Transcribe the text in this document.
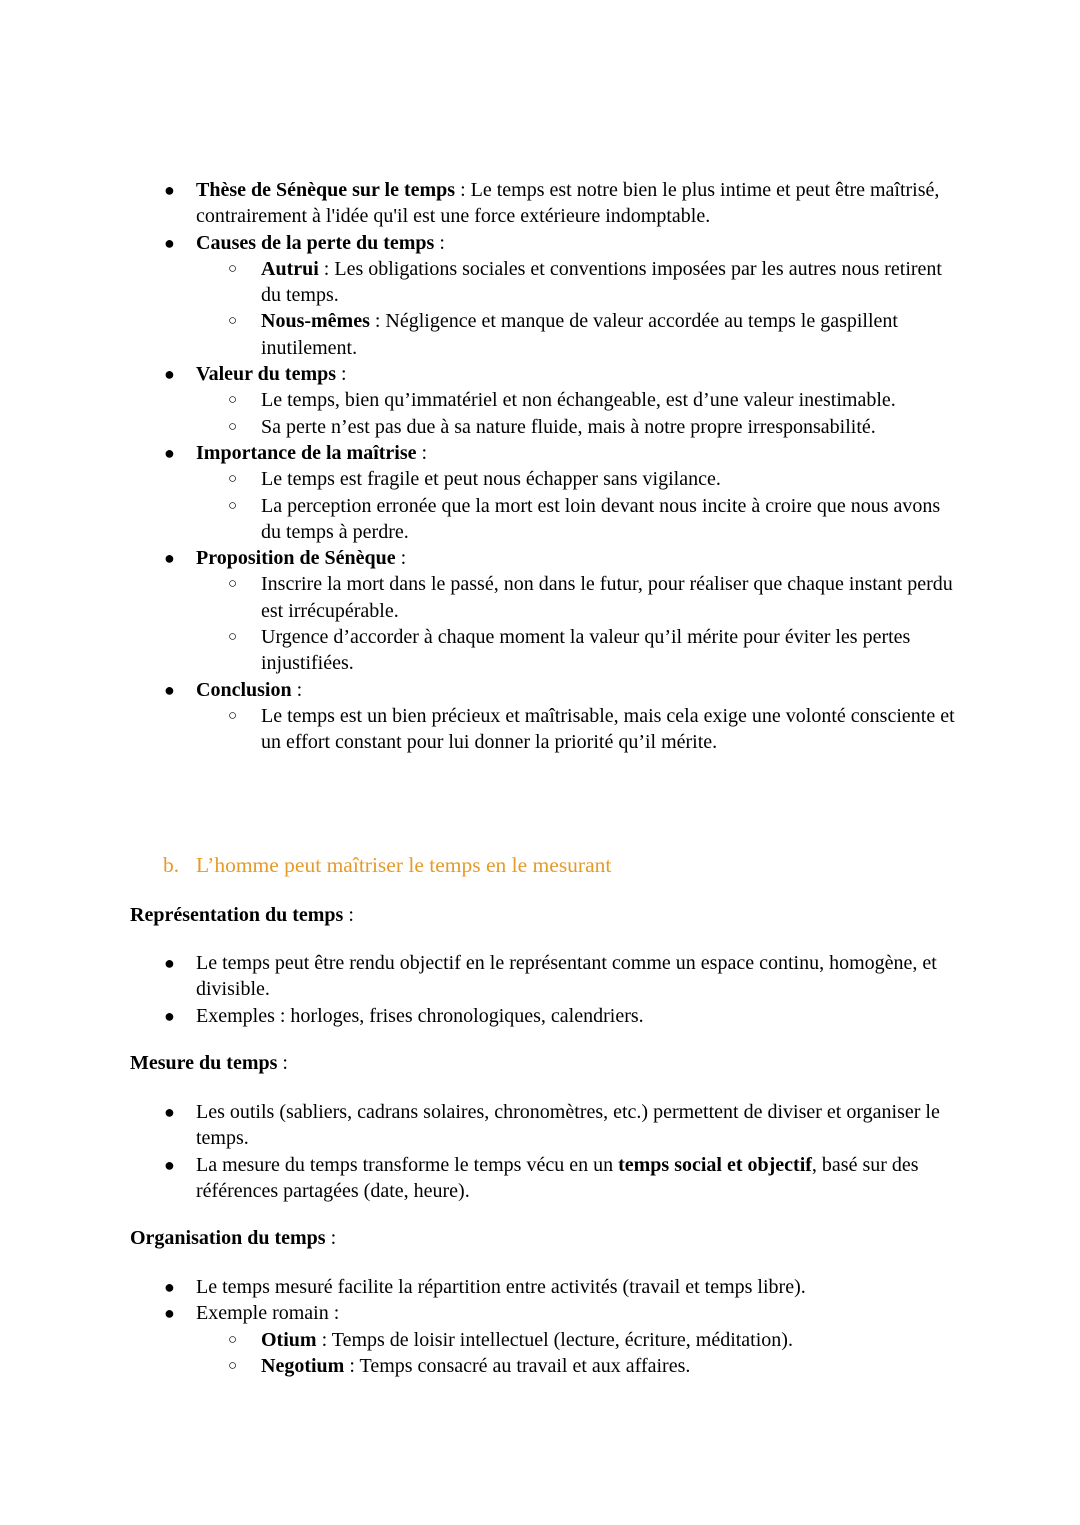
● Thèse de Sénèque sur le temps : Le temps est notre bien le plus intime et peut être maîtrisé, contrairement à l'idée qu'il est une force extérieure indomptable.
● Causes de la perte du temps :
○ Autrui : Les obligations sociales et conventions imposées par les autres nous retirent du temps.
○ Nous-mêmes : Négligence et manque de valeur accordée au temps le gaspillent inutilement.
● Valeur du temps :
○ Le temps, bien qu’immatériel et non échangeable, est d’une valeur inestimable.
○ Sa perte n’est pas due à sa nature fluide, mais à notre propre irresponsabilité.
● Importance de la maîtrise :
○ Le temps est fragile et peut nous échapper sans vigilance.
○ La perception erronée que la mort est loin devant nous incite à croire que nous avons du temps à perdre.
● Proposition de Sénèque :
○ Inscrire la mort dans le passé, non dans le futur, pour réaliser que chaque instant perdu est irrécupérable.
○ Urgence d’accorder à chaque moment la valeur qu’il mérite pour éviter les pertes injustifiées.
● Conclusion :
○ Le temps est un bien précieux et maîtrisable, mais cela exige une volonté consciente et un effort constant pour lui donner la priorité qu’il mérite.
b. L’homme peut maîtriser le temps en le mesurant
Représentation du temps :
● Le temps peut être rendu objectif en le représentant comme un espace continu, homogène, et divisible.
● Exemples : horloges, frises chronologiques, calendriers.
Mesure du temps :
● Les outils (sabliers, cadrans solaires, chronomètres, etc.) permettent de diviser et organiser le temps.
● La mesure du temps transforme le temps vécu en un temps social et objectif, basé sur des références partagées (date, heure).
Organisation du temps :
● Le temps mesuré facilite la répartition entre activités (travail et temps libre).
● Exemple romain :
○ Otium : Temps de loisir intellectuel (lecture, écriture, méditation).
○ Negotium : Temps consacré au travail et aux affaires.
